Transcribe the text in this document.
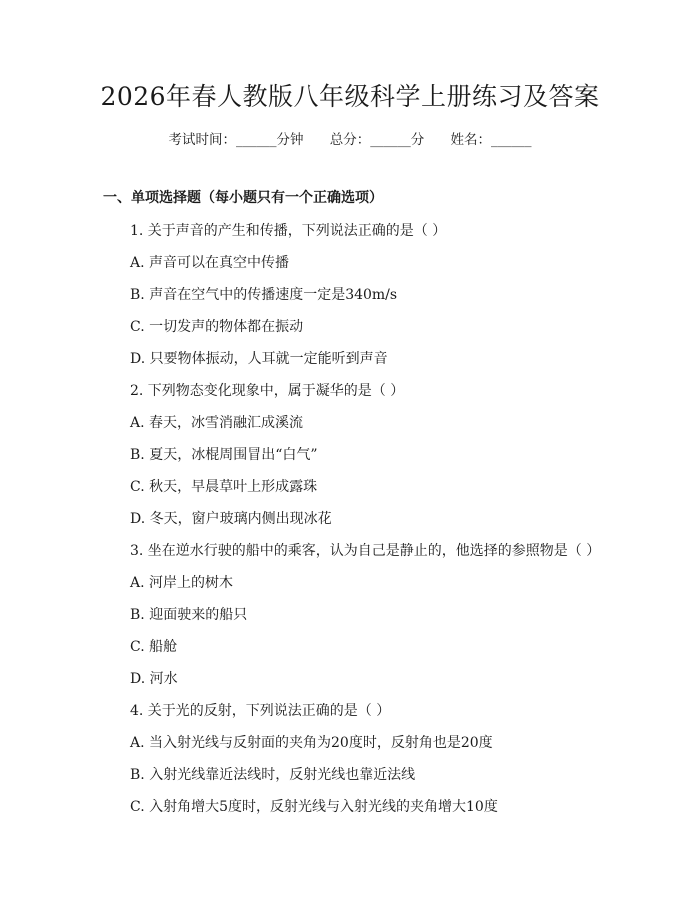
2026年春人教版八年级科学上册练习及答案
考试时间：______分钟 总分：______分 姓名：______
一、单项选择题（每小题只有一个正确选项）
1. 关于声音的产生和传播，下列说法正确的是（ ）
A. 声音可以在真空中传播
B. 声音在空气中的传播速度一定是340m/s
C. 一切发声的物体都在振动
D. 只要物体振动，人耳就一定能听到声音
2. 下列物态变化现象中，属于凝华的是（ ）
A. 春天，冰雪消融汇成溪流
B. 夏天，冰棍周围冒出“白气”
C. 秋天，早晨草叶上形成露珠
D. 冬天，窗户玻璃内侧出现冰花
3. 坐在逆水行驶的船中的乘客，认为自己是静止的，他选择的参照物是（ ）
A. 河岸上的树木
B. 迎面驶来的船只
C. 船舱
D. 河水
4. 关于光的反射，下列说法正确的是（ ）
A. 当入射光线与反射面的夹角为20度时，反射角也是20度
B. 入射光线靠近法线时，反射光线也靠近法线
C. 入射角增大5度时，反射光线与入射光线的夹角增大10度
